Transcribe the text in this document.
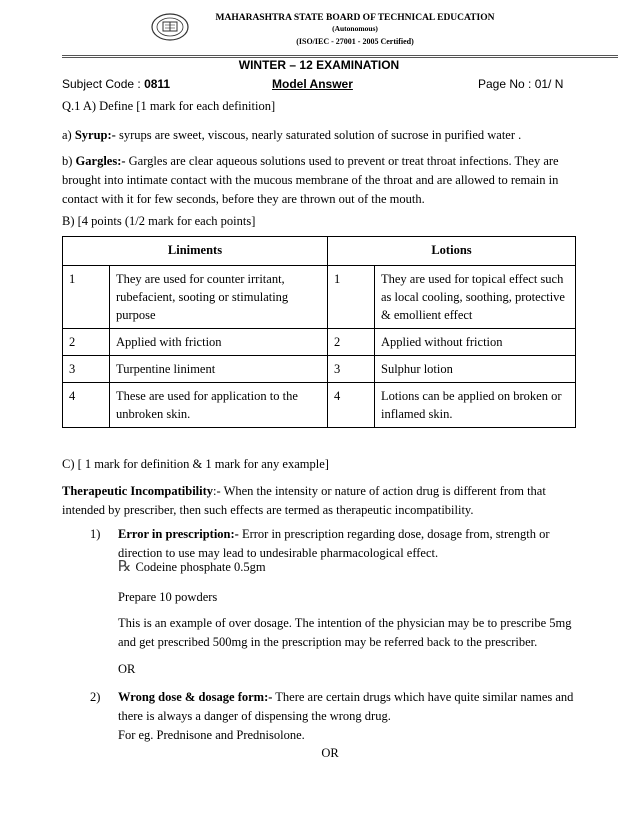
MAHARASHTRA STATE BOARD OF TECHNICAL EDUCATION
(Autonomous)
(ISO/IEC - 27001 - 2005 Certified)
WINTER – 12 EXAMINATION
Subject Code : 0811	Model Answer	Page No : 01/ N
Q.1 A) Define [1 mark for each definition]
a) Syrup:- syrups are sweet, viscous, nearly saturated solution of sucrose in purified water .
b) Gargles:- Gargles are clear aqueous solutions used to prevent or treat throat infections. They are brought into intimate contact with the mucous membrane of the throat and are allowed to remain in contact with it for few seconds, before they are thrown out of the mouth.
B) [4 points (1/2 mark for each points]
Liniments		Lotions	
1	They are used for counter irritant, rubefacient, sooting or stimulating purpose	1	They are used for topical effect such as local cooling, soothing, protective & emollient effect
2	Applied with friction	2	Applied without friction
3	Turpentine liniment	3	Sulphur lotion
4	These are used for application to the unbroken skin.	4	Lotions can be applied on broken or inflamed skin.
C) [ 1 mark for definition & 1 mark for any example]
Therapeutic Incompatibility:- When the intensity or nature of action drug is different from that intended by prescriber, then such effects are termed as therapeutic incompatibility.
1) Error in prescription:- Error in prescription regarding dose, dosage from, strength or direction to use may lead to undesirable pharmacological effect.
℞ Codeine phosphate 0.5gm
Prepare 10 powders
This is an example of over dosage. The intention of the physician may be to prescribe 5mg and get prescribed 500mg in the prescription may be referred back to the prescriber.
OR
2) Wrong dose & dosage form:- There are certain drugs which have quite similar names and there is always a danger of dispensing the wrong drug.
For eg. Prednisone and Prednisolone.
OR
